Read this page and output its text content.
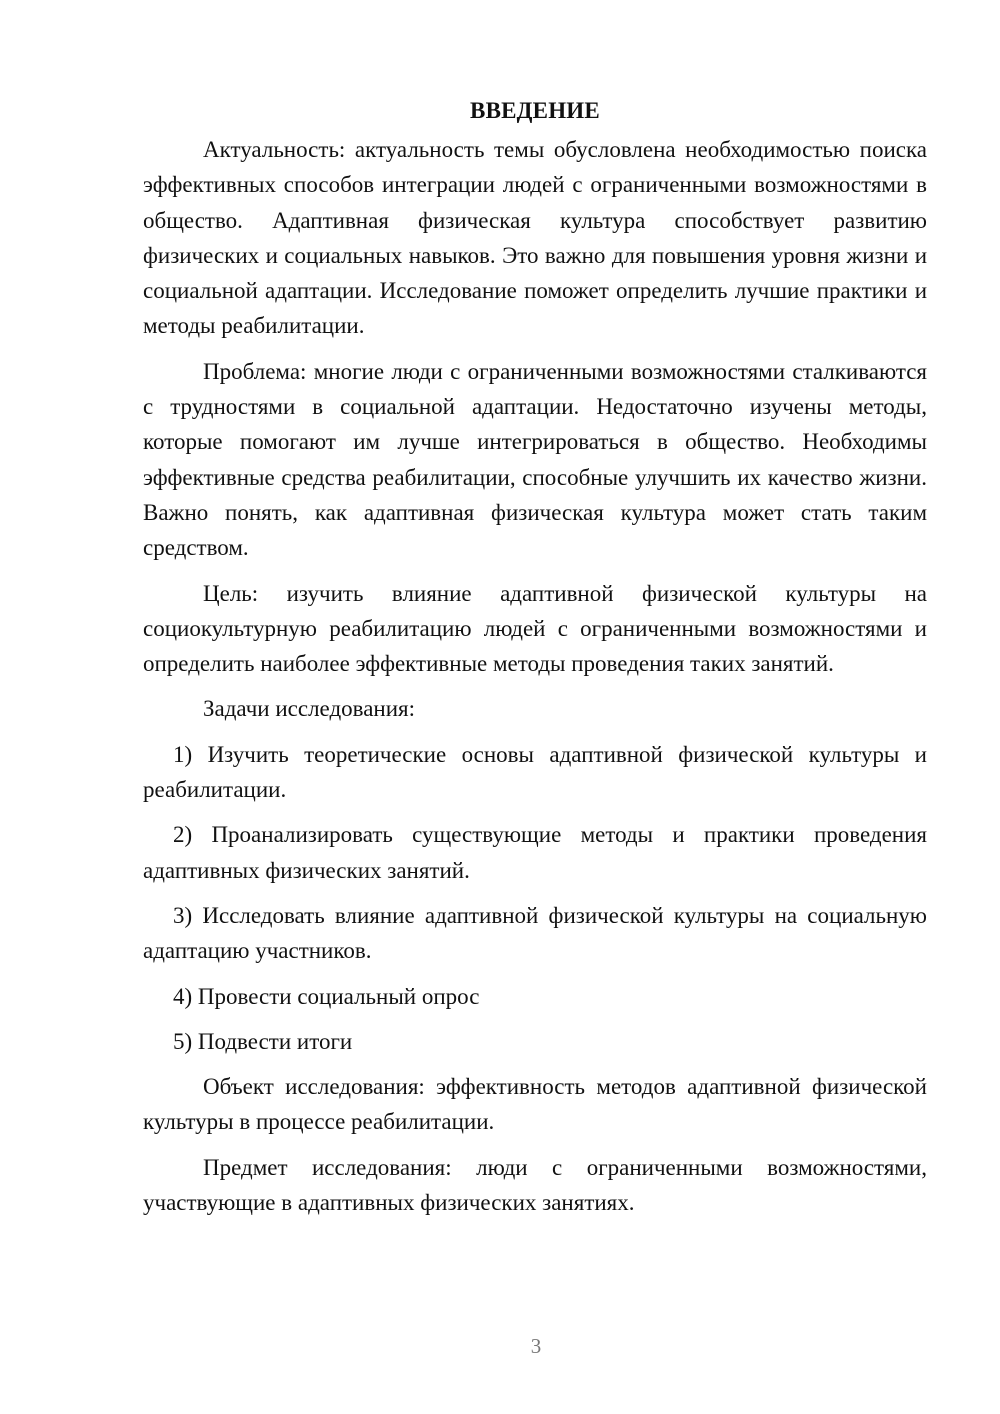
ВВЕДЕНИЕ

Актуальность: актуальность темы обусловлена необходимостью поиска эффективных способов интеграции людей с ограниченными возможностями в общество. Адаптивная физическая культура способствует развитию физических и социальных навыков. Это важно для повышения уровня жизни и социальной адаптации. Исследование поможет определить лучшие практики и методы реабилитации.

Проблема: многие люди с ограниченными возможностями сталкиваются с трудностями в социальной адаптации. Недостаточно изучены методы, которые помогают им лучше интегрироваться в общество. Необходимы эффективные средства реабилитации, способные улучшить их качество жизни. Важно понять, как адаптивная физическая культура может стать таким средством.

Цель: изучить влияние адаптивной физической культуры на социокультурную реабилитацию людей с ограниченными возможностями и определить наиболее эффективные методы проведения таких занятий.

Задачи исследования:

1) Изучить теоретические основы адаптивной физической культуры и реабилитации.

2) Проанализировать существующие методы и практики проведения адаптивных физических занятий.

3) Исследовать влияние адаптивной физической культуры на социальную адаптацию участников.

4) Провести социальный опрос

5) Подвести итоги

Объект исследования: эффективность методов адаптивной физической культуры в процессе реабилитации.

Предмет исследования: люди с ограниченными возможностями, участвующие в адаптивных физических занятиях.

3
